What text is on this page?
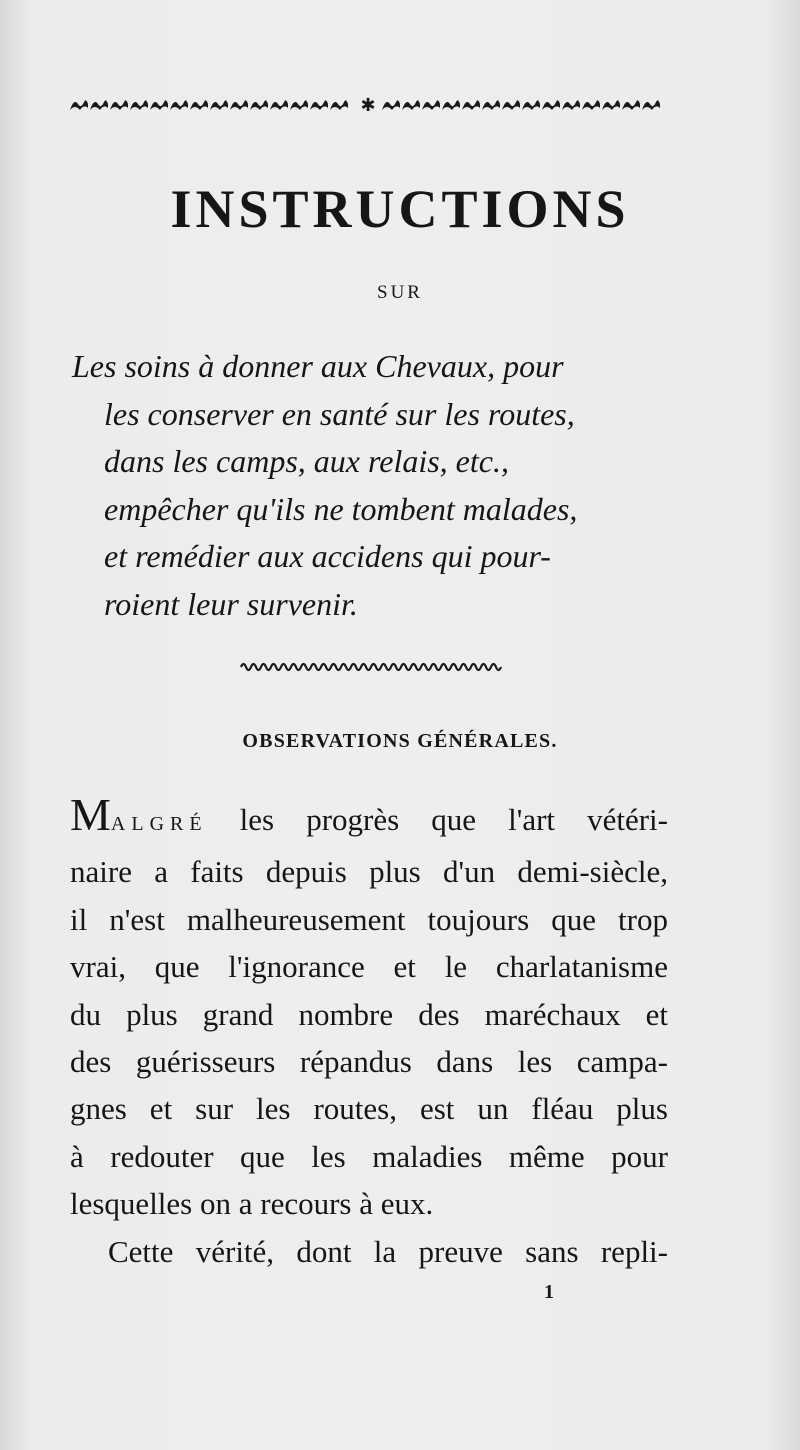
✱
INSTRUCTIONS
SUR
Les soins à donner aux Chevaux, pour
les conserver en santé sur les routes,
dans les camps, aux relais, etc.,
empêcher qu'ils ne tombent malades,
et remédier aux accidens qui pour-
roient leur survenir.
OBSERVATIONS GÉNÉRALES.
MALGRÉ les progrès que l'art vétéri-
naire a faits depuis plus d'un demi-siècle,
il n'est malheureusement toujours que trop
vrai, que l'ignorance et le charlatanisme
du plus grand nombre des maréchaux et
des guérisseurs répandus dans les campa-
gnes et sur les routes, est un fléau plus
à redouter que les maladies même pour
lesquelles on a recours à eux.
Cette vérité, dont la preuve sans repli-
1
